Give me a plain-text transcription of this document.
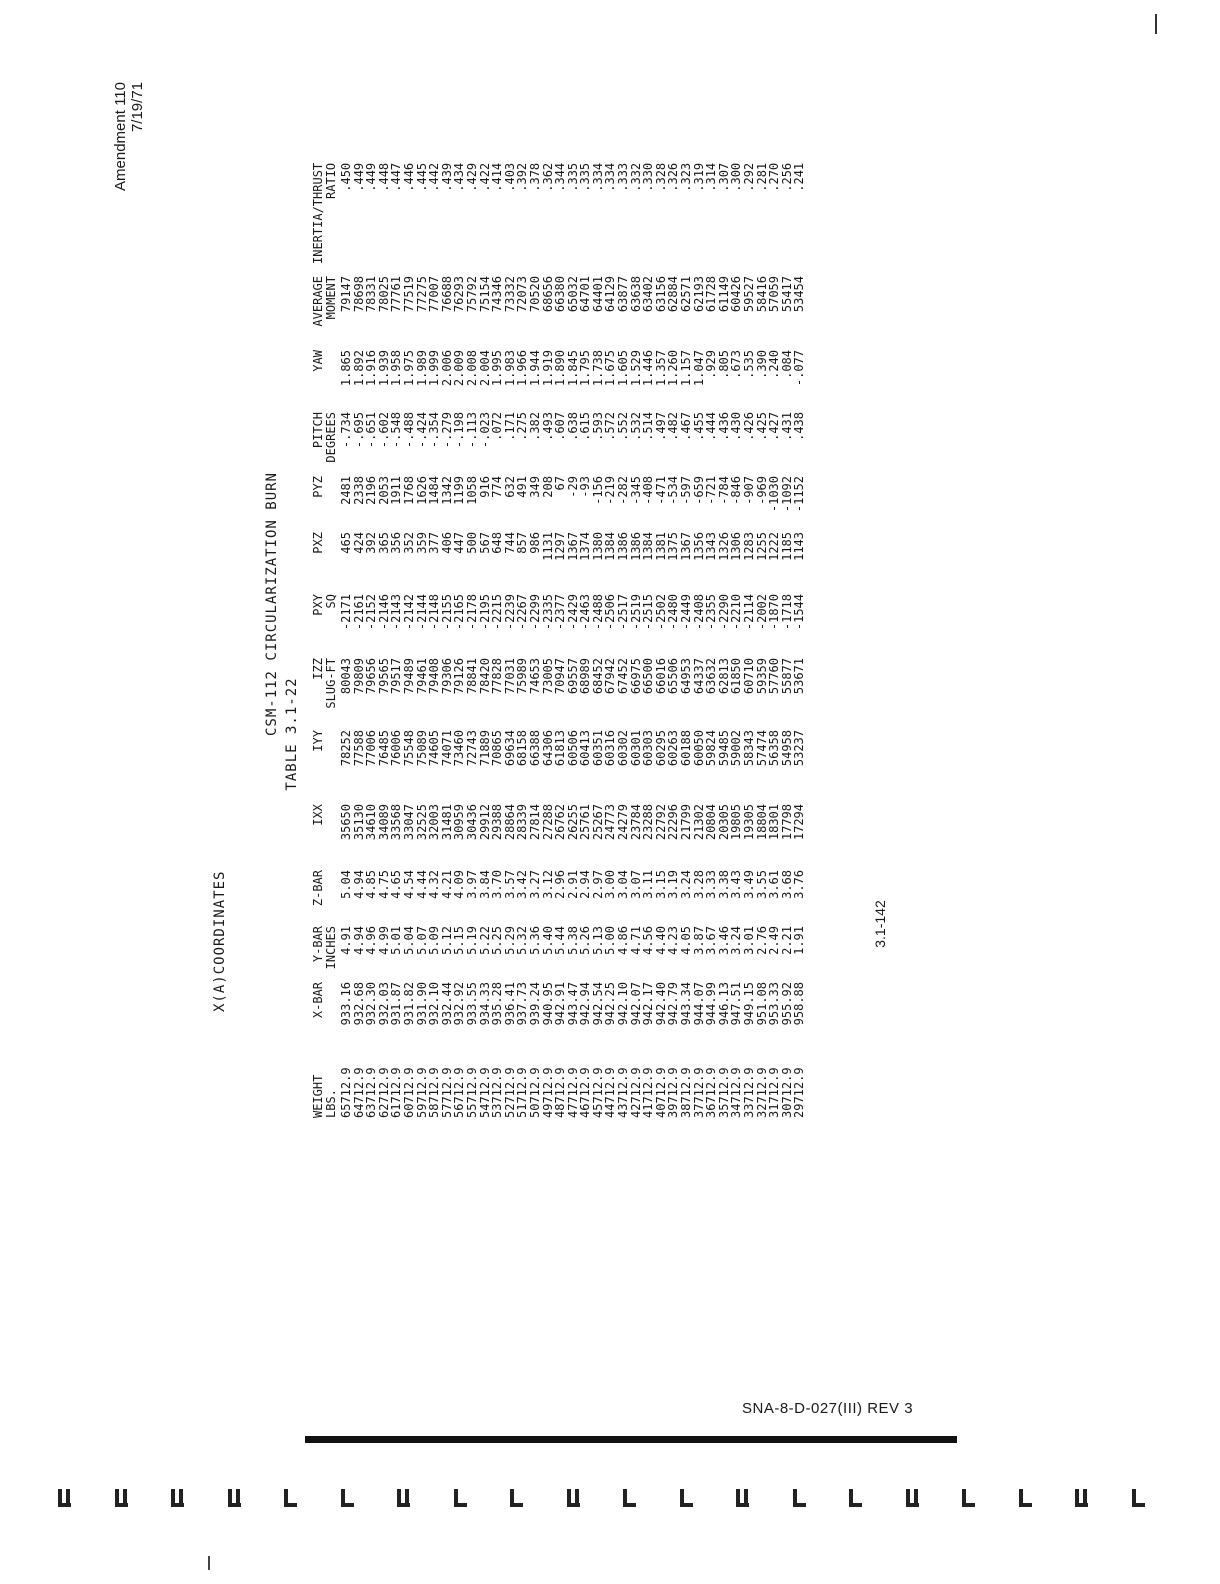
Amendment 110 7/19/71
CSM-112 CIRCULARIZATION BURN TABLE 3.1-22
X(A)COORDINATES
WEIGHT	X-BAR	Y-BAR	Z-BAR	IXX	IYY	IZZ	PXY	PXZ	PYZ	PITCH	YAW	AVERAGE	INERTIA/THRUST
LBS.		INCHES				SLUG-FT	SQ			DEGREES		MOMENT	RATIO
65712.9	933.16	4.91	5.04	35650	78252	80043	-2171	465	2481	-.734	1.865	79147	.450
64712.9	932.68	4.94	4.94	35130	77588	79809	-2161	424	2338	-.695	1.892	78698	.449
63712.9	932.30	4.96	4.85	34610	77006	79656	-2152	392	2196	-.651	1.916	78331	.449
62712.9	932.03	4.99	4.75	34089	76485	79565	-2146	365	2053	-.602	1.939	78025	.448
61712.9	931.87	5.01	4.65	33568	76006	79517	-2143	356	1911	-.548	1.958	77761	.447
60712.9	931.82	5.04	4.54	33047	75548	79489	-2142	352	1768	-.488	1.975	77519	.446
59712.9	931.90	5.07	4.44	32525	75089	79461	-2144	359	1626	-.424	1.989	77275	.445
58712.9	932.10	5.09	4.32	32003	74605	79408	-2148	377	1484	-.354	1.999	77007	.442
57712.9	932.44	5.12	4.21	31481	74071	79306	-2155	406	1342	-.279	2.006	76688	.439
56712.9	932.92	5.15	4.09	30959	73460	79126	-2165	447	1199	-.198	2.009	76293	.434
55712.9	933.55	5.19	3.97	30436	72743	78841	-2178	500	1058	-.113	2.008	75792	.429
54712.9	934.33	5.22	3.84	29912	71889	78420	-2195	567	916	-.023	2.004	75154	.422
53712.9	935.28	5.25	3.70	29388	70865	77828	-2215	648	774	.072	1.995	74346	.414
52712.9	936.41	5.29	3.57	28864	69634	77031	-2239	744	632	.171	1.983	73332	.403
51712.9	937.73	5.32	3.42	28339	68158	75989	-2267	857	491	.275	1.966	72073	.392
50712.9	939.24	5.36	3.27	27814	66388	74653	-2299	986	349	.382	1.944	70520	.378
49712.9	940.95	5.40	3.12	27288	64306	73005	-2335	1131	208	.493	1.919	68656	.362
48712.9	942.91	5.44	2.96	26762	61813	70947	-2377	1297	67	.607	1.890	66380	.344
47712.9	943.47	5.38	2.91	26255	60506	69557	-2429	1367	-29	.638	1.845	65032	.335
46712.9	942.94	5.26	2.94	25761	60413	68989	-2463	1374	-93	.615	1.795	64701	.335
45712.9	942.54	5.13	2.97	25267	60351	68452	-2488	1380	-156	.593	1.738	64401	.334
44712.9	942.25	5.00	3.00	24773	60316	67942	-2506	1384	-219	.572	1.675	64129	.334
43712.9	942.10	4.86	3.04	24279	60302	67452	-2517	1386	-282	.552	1.605	63877	.333
42712.9	942.07	4.71	3.07	23784	60301	66975	-2519	1386	-345	.532	1.529	63638	.332
41712.9	942.17	4.56	3.11	23288	60303	66500	-2515	1384	-408	.514	1.446	63402	.330
40712.9	942.40	4.40	3.15	22792	60295	66016	-2502	1381	-471	.497	1.357	63156	.328
39712.9	942.79	4.23	3.19	22296	60263	65506	-2480	1375	-534	.482	1.260	62884	.326
38712.9	943.34	4.05	3.24	21799	60188	64953	-2449	1367	-597	.467	1.157	62571	.323
37712.9	944.07	3.87	3.28	21302	60050	64337	-2408	1356	-659	.455	1.047	62193	.319
36712.9	944.99	3.67	3.33	20804	59824	63632	-2355	1343	-721	.444	.929	61728	.314
35712.9	946.13	3.46	3.38	20305	59485	62813	-2290	1326	-784	.436	.805	61149	.307
34712.9	947.51	3.24	3.43	19805	59002	61850	-2210	1306	-846	.430	.673	60426	.300
33712.9	949.15	3.01	3.49	19305	58343	60710	-2114	1283	-907	.426	.535	59527	.292
32712.9	951.08	2.76	3.55	18804	57474	59359	-2002	1255	-969	.425	.390	58416	.281
31712.9	953.33	2.49	3.61	18301	56358	57760	-1870	1222	-1030	.427	.240	57059	.270
30712.9	955.92	2.21	3.68	17798	54958	55877	-1718	1185	-1092	.431	.084	55417	.256
29712.9	958.88	1.91	3.76	17294	53237	53671	-1544	1143	-1152	.438	-.077	53454	.241
3.1-142
SNA-8-D-027(III) REV 3
